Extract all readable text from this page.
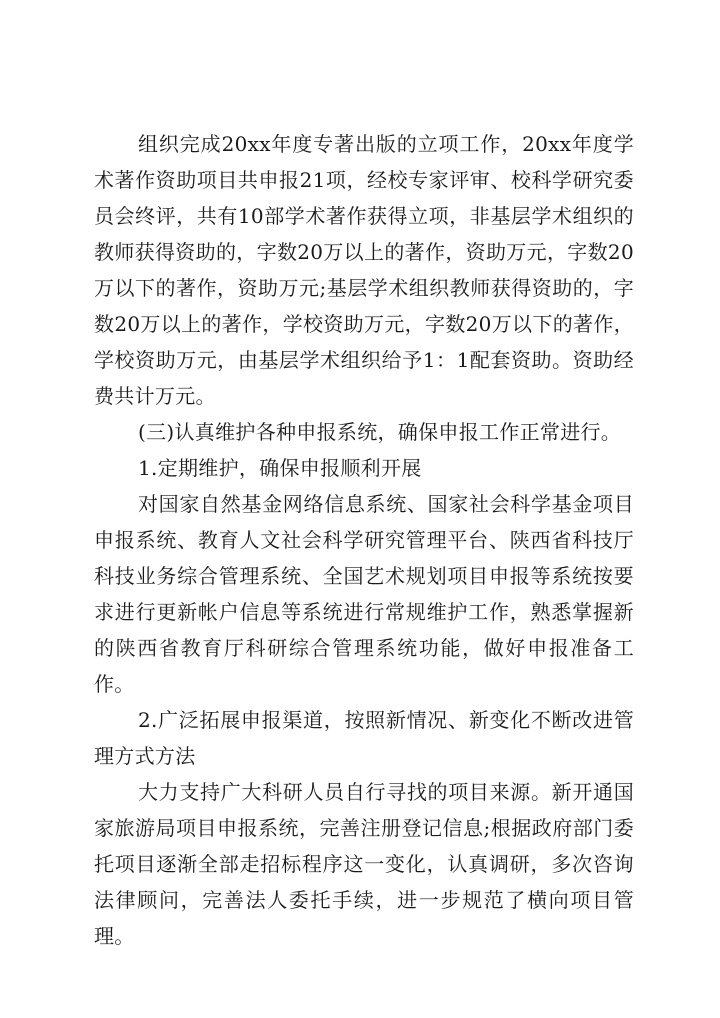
组织完成20xx年度专著出版的立项工作，20xx年度学术著作资助项目共申报21项，经校专家评审、校科学研究委员会终评，共有10部学术著作获得立项，非基层学术组织的教师获得资助的，字数20万以上的著作，资助万元，字数20万以下的著作，资助万元;基层学术组织教师获得资助的，字数20万以上的著作，学校资助万元，字数20万以下的著作，学校资助万元，由基层学术组织给予1：1配套资助。资助经费共计万元。

(三)认真维护各种申报系统，确保申报工作正常进行。

1.定期维护，确保申报顺利开展

对国家自然基金网络信息系统、国家社会科学基金项目申报系统、教育人文社会科学研究管理平台、陕西省科技厅科技业务综合管理系统、全国艺术规划项目申报等系统按要求进行更新帐户信息等系统进行常规维护工作，熟悉掌握新的陕西省教育厅科研综合管理系统功能，做好申报准备工作。

2.广泛拓展申报渠道，按照新情况、新变化不断改进管理方式方法

大力支持广大科研人员自行寻找的项目来源。新开通国家旅游局项目申报系统，完善注册登记信息;根据政府部门委托项目逐渐全部走招标程序这一变化，认真调研，多次咨询法律顾问，完善法人委托手续，进一步规范了横向项目管理。
